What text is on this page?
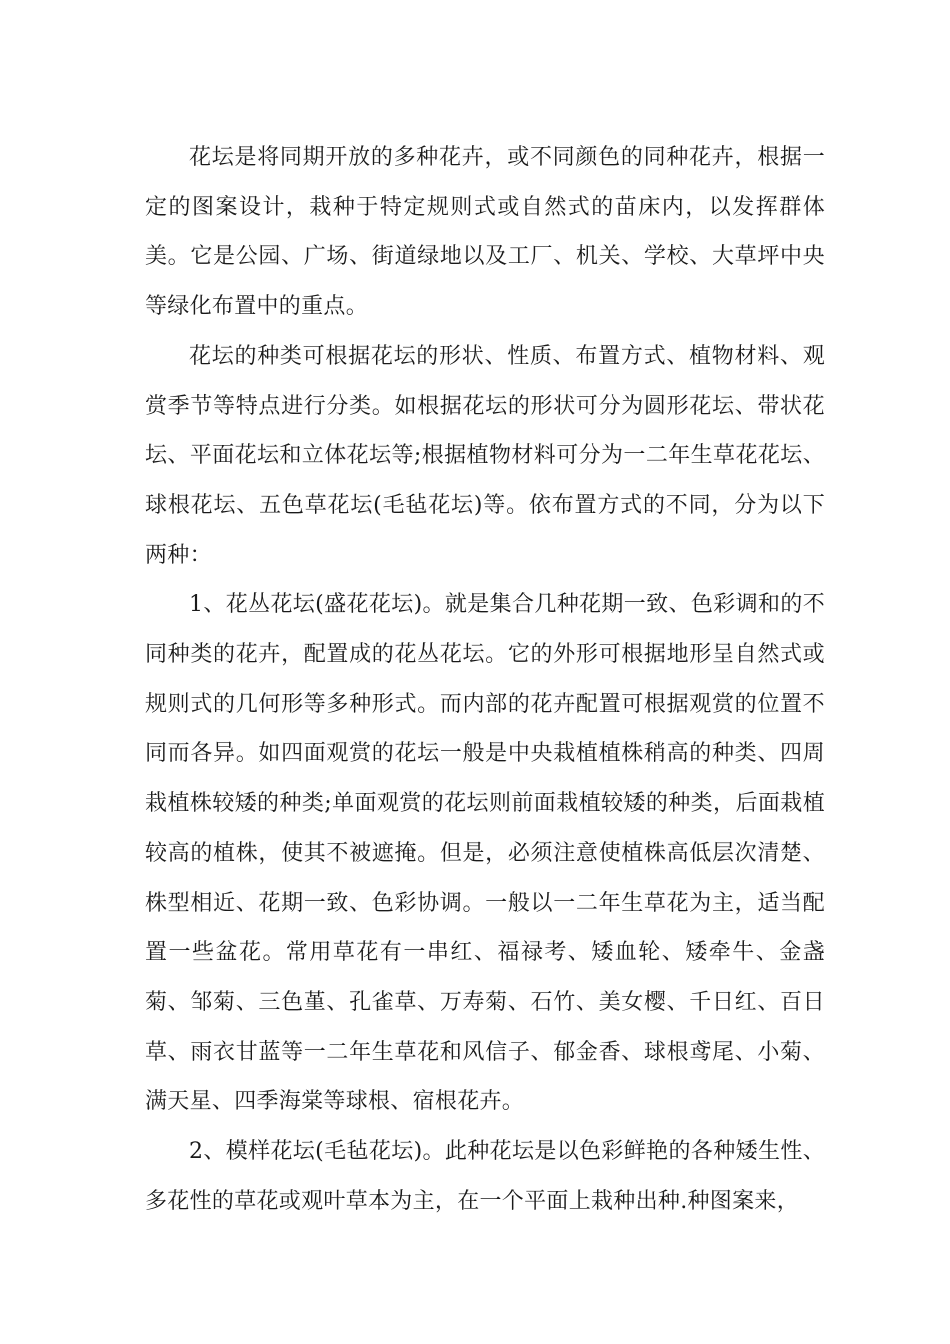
花坛是将同期开放的多种花卉，或不同颜色的同种花卉，根据一定的图案设计，栽种于特定规则式或自然式的苗床内，以发挥群体美。它是公园、广场、街道绿地以及工厂、机关、学校、大草坪中央等绿化布置中的重点。

花坛的种类可根据花坛的形状、性质、布置方式、植物材料、观赏季节等特点进行分类。如根据花坛的形状可分为圆形花坛、带状花坛、平面花坛和立体花坛等;根据植物材料可分为一二年生草花花坛、球根花坛、五色草花坛(毛毡花坛)等。依布置方式的不同，分为以下两种：

1、花丛花坛(盛花花坛)。就是集合几种花期一致、色彩调和的不同种类的花卉，配置成的花丛花坛。它的外形可根据地形呈自然式或规则式的几何形等多种形式。而内部的花卉配置可根据观赏的位置不同而各异。如四面观赏的花坛一般是中央栽植植株稍高的种类、四周栽植株较矮的种类;单面观赏的花坛则前面栽植较矮的种类，后面栽植较高的植株，使其不被遮掩。但是，必须注意使植株高低层次清楚、株型相近、花期一致、色彩协调。一般以一二年生草花为主，适当配置一些盆花。常用草花有一串红、福禄考、矮血轮、矮牵牛、金盏菊、邹菊、三色堇、孔雀草、万寿菊、石竹、美女樱、千日红、百日草、雨衣甘蓝等一二年生草花和风信子、郁金香、球根鸢尾、小菊、满天星、四季海棠等球根、宿根花卉。

2、模样花坛(毛毡花坛)。此种花坛是以色彩鲜艳的各种矮生性、多花性的草花或观叶草本为主，在一个平面上栽种出种.种图案来，
